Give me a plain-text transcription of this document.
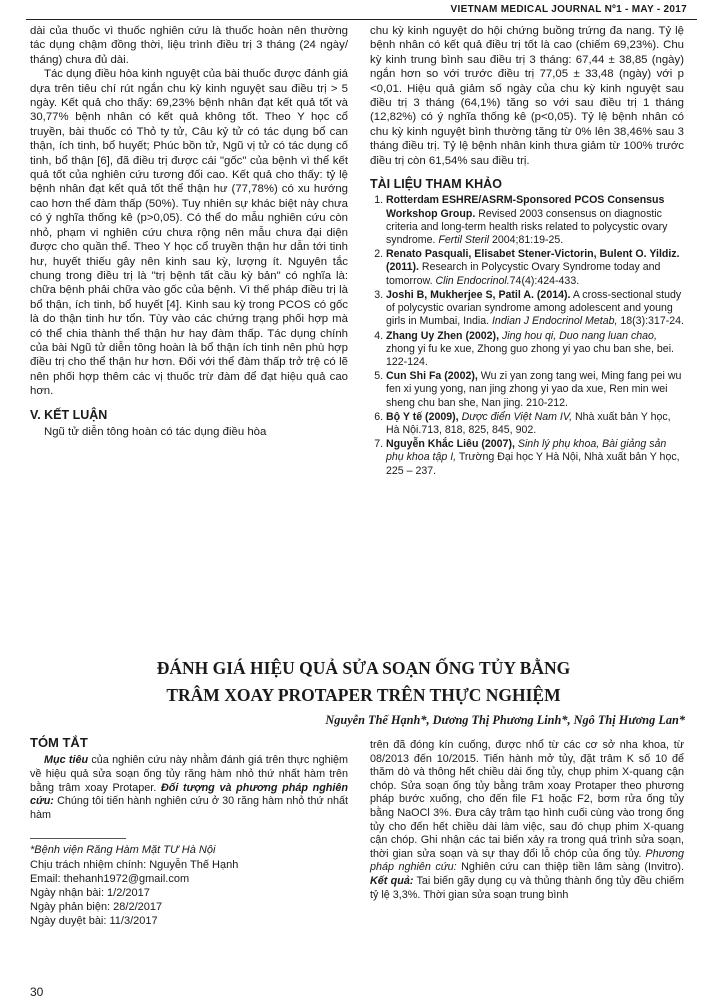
VIETNAM MEDICAL JOURNAL Nº1 - MAY - 2017

dài của thuốc vì thuốc nghiên cứu là thuốc hoàn nên thường tác dụng chậm đồng thời, liệu trình điều trị 3 tháng (24 ngày/ tháng) chưa đủ dài.

Tác dụng điều hòa kinh nguyệt của bài thuốc được đánh giá dựa trên tiêu chí rút ngắn chu kỳ kinh nguyệt sau điều trị > 5 ngày. Kết quả cho thấy: 69,23% bệnh nhân đạt kết quả tốt và 30,77% bệnh nhân có kết quả không tốt. Theo Y học cổ truyền, bài thuốc có Thỏ ty tử, Câu kỷ tử có tác dụng bổ can thận, ích tinh, bổ huyết; Phúc bồn tử, Ngũ vị tử có tác dụng cố tinh, bổ thận [6], đã điều trị được cái "gốc" của bệnh vì thể kết quả tốt của nghiên cứu tương đối cao. Kết quả cho thấy: tỷ lệ bệnh nhân đạt kết quả tốt thể thận hư (77,78%) có xu hướng cao hơn thể đàm thấp (50%). Tuy nhiên sự khác biệt này chưa có ý nghĩa thống kê (p>0,05). Có thể do mẫu nghiên cứu còn nhỏ, phạm vi nghiên cứu chưa rộng nên mẫu chưa đại diện được cho quần thể. Theo Y học cổ truyền thận hư dẫn tới tinh hư, huyết thiếu gây nên kinh sau kỳ, lượng ít. Nguyên tắc chung trong điều trị là "trị bệnh tất cầu kỳ bản" có nghĩa là: chữa bệnh phải chữa vào gốc của bệnh. Vì thế pháp điều trị là bổ thận, ích tinh, bổ huyết [4]. Kinh sau kỳ trong PCOS có gốc là do thận tinh hư tổn. Tùy vào các chứng trạng phối hợp mà có thể chia thành thể thận hư hay đàm thấp. Tác dụng chính của bài Ngũ tử diễn tông hoàn là bổ thận ích tinh nên phù hợp điều trị cho thể thận hư hơn. Đối với thể đàm thấp trở trệ có lẽ nên phối hợp thêm các vị thuốc trừ đàm để đạt hiệu quả cao hơn.

V. KẾT LUẬN

Ngũ tử diễn tông hoàn có tác dụng điều hòa

chu kỳ kinh nguyệt do hội chứng buồng trứng đa nang. Tỷ lệ bệnh nhân có kết quả điều trị tốt là cao (chiếm 69,23%). Chu kỳ kinh trung bình sau điều trị 3 tháng: 67,44 ± 38,85 (ngày) ngắn hơn so với trước điều trị 77,05 ± 33,48 (ngày) với p <0,01. Hiệu quả giảm số ngày của chu kỳ kinh nguyệt sau điều trị 3 tháng (64,1%) tăng so với sau điều trị 1 tháng (12,82%) có ý nghĩa thống kê (p<0,05). Tỷ lệ bệnh nhân có chu kỳ kinh nguyệt bình thường tăng từ 0% lên 38,46% sau 3 tháng điều trị. Tỷ lệ bệnh nhân kinh thưa giảm từ 100% trước điều trị còn 61,54% sau điều trị.

TÀI LIỆU THAM KHẢO
1. Rotterdam ESHRE/ASRM-Sponsored PCOS Consensus Workshop Group. Revised 2003 consensus on diagnostic criteria and long-term health risks related to polycystic ovary syndrome. Fertil Steril 2004;81:19-25.
2. Renato Pasquali, Elisabet Stener-Victorin, Bulent O. Yildiz. (2011). Research in Polycystic Ovary Syndrome today and tomorrow. Clin Endocrinol.74(4):424-433.
3. Joshi B, Mukherjee S, Patil A. (2014). A cross-sectional study of polycystic ovarian syndrome among adolescent and young girls in Mumbai, India. Indian J Endocrinol Metab, 18(3):317-24.
4. Zhang Uy Zhen (2002), Jing hou qi, Duo nang luan chao, zhong yi fu ke xue, Zhong guo zhong yi yao chu ban she, bei. 122-124.
5. Cun Shi Fa (2002), Wu zi yan zong tang wei, Ming fang pei wu fen xi yung yong, nan jing zhong yi yao da xue, Ren min wei sheng chu ban she, Nan jing. 210-212.
6. Bộ Y tế (2009), Dược điển Việt Nam IV, Nhà xuất bản Y học, Hà Nội.713, 818, 825, 845, 902.
7. Nguyễn Khắc Liêu (2007), Sinh lý phụ khoa, Bài giảng sản phụ khoa tập I, Trường Đại học Y Hà Nội, Nhà xuất bản Y học, 225 – 237.
ĐÁNH GIÁ HIỆU QUẢ SỬA SOẠN ỐNG TỦY BẰNG
TRÂM XOAY PROTAPER TRÊN THỰC NGHIỆM
Nguyễn Thế Hạnh*, Dương Thị Phương Linh*, Ngô Thị Hương Lan*
TÓM TẮT

Mục tiêu của nghiên cứu này nhằm đánh giá trên thực nghiệm về hiệu quả sửa soạn ống tủy răng hàm nhỏ thứ nhất hàm trên bằng trâm xoay Protaper. Đối tượng và phương pháp nghiên cứu: Chúng tôi tiến hành nghiên cứu ở 30 răng hàm nhỏ thứ nhất hàm

*Bệnh viện Răng Hàm Mặt TƯ Hà Nội
Chịu trách nhiệm chính: Nguyễn Thế Hạnh
Email: thehanh1972@gmail.com
Ngày nhận bài: 1/2/2017
Ngày phản biện: 28/2/2017
Ngày duyệt bài: 11/3/2017

trên đã đóng kín cuống, được nhổ từ các cơ sở nha khoa, từ 08/2013 đến 10/2015. Tiến hành mở tủy, đặt trâm K số 10 để thăm dò và thông hết chiều dài ống tủy, chụp phim X-quang cận chóp. Sửa soạn ống tủy bằng trâm xoay Protaper theo phương pháp bước xuống, cho đến file F1 hoặc F2, bơm rửa ống tủy bằng NaOCl 3%. Đưa cây trâm tạo hình cuối cùng vào trong ống tủy cho đến hết chiều dài làm việc, sau đó chụp phim X-quang cận chóp. Ghi nhận các tai biến xảy ra trong quá trình sửa soạn, thời gian sửa soạn và sự thay đổi lỗ chóp của ống tủy. Phương pháp nghiên cứu: Nghiên cứu can thiệp tiền lâm sàng (Invitro). Kết quả: Tai biến gãy dụng cụ và thủng thành ống tủy đều chiếm tỷ lệ 3,3%. Thời gian sửa soạn trung bình

30
